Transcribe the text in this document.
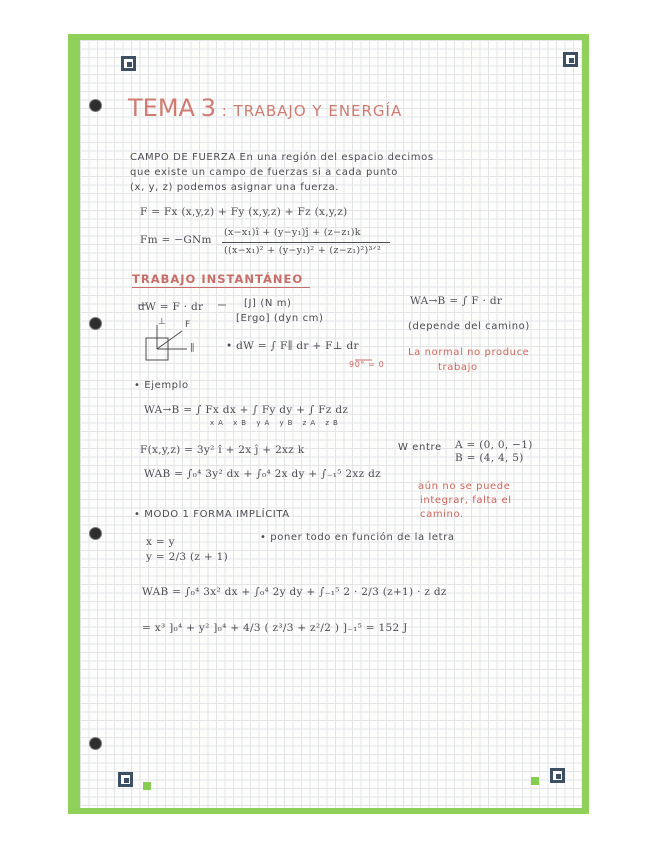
TEMA 3 : TRABAJO Y ENERGÍA
CAMPO DE FUERZA En una región del espacio decimos
que existe un campo de fuerzas si a cada punto
(x, y, z) podemos asignar una fuerza.
F = Fx (x,y,z) + Fy (x,y,z) + Fz (x,y,z)
Fm = −GNm
(x−x₁)î + (y−y₁)ĵ + (z−z₁)k
((x−x₁)² + (y−y₁)² + (z−z₁)²)³ᐟ²
TRABAJO INSTANTÁNEO
dW = F · dr	[J] (N m)
[Ergo] (dyn cm)
WA→B = ∫ F · dr
(depende del camino)
F
∥
⊥
• dW = ∫ F∥ dr + F⊥ dr
90° = 0
La normal no produce
trabajo
• Ejemplo
WA→B = ∫ Fx dx + ∫ Fy dy + ∫ Fz dz
xA xB yA yB zA zB
F(x,y,z) = 3y² î + 2x ĵ + 2xz k	W entre A = (0, 0, −1)
B = (4, 4, 5)
WAB = ∫₀⁴ 3y² dx + ∫₀⁴ 2x dy + ∫₋₁⁵ 2xz dz
aún no se puede
integrar, falta el
camino.
• MODO 1 FORMA IMPLÍCITA
x = y
y = 2/3 (z + 1)
• poner todo en función de la letra
WAB = ∫₀⁴ 3x² dx + ∫₀⁴ 2y dy + ∫₋₁⁵ 2 · 2/3 (z+1) · z dz
= x³ ]₀⁴ + y² ]₀⁴ + 4/3 ( z³/3 + z²/2 ) ]₋₁⁵ = 152 J
